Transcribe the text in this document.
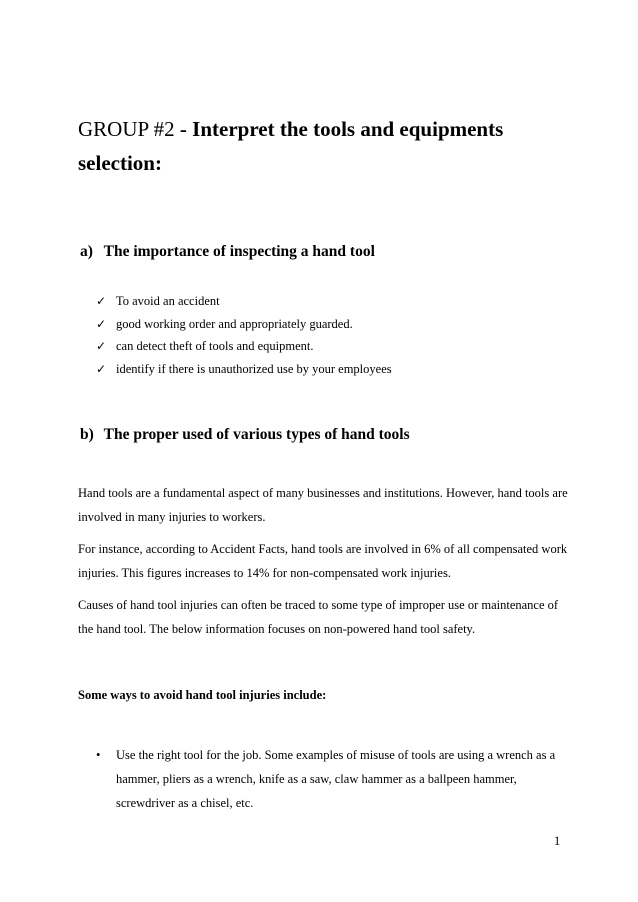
GROUP #2 - Interpret the tools and equipments selection:
a) The importance of inspecting a hand tool
✓ To avoid an accident
✓ good working order and appropriately guarded.
✓ can detect theft of tools and equipment.
✓ identify if there is unauthorized use by your employees
b) The proper used of various types of hand tools

Hand tools are a fundamental aspect of many businesses and institutions. However, hand tools are involved in many injuries to workers.

For instance, according to Accident Facts, hand tools are involved in 6% of all compensated work injuries. This figures increases to 14% for non-compensated work injuries.

Causes of hand tool injuries can often be traced to some type of improper use or maintenance of the hand tool. The below information focuses on non-powered hand tool safety.

Some ways to avoid hand tool injuries include:
•	Use the right tool for the job. Some examples of misuse of tools are using a wrench as a hammer, pliers as a wrench, knife as a saw, claw hammer as a ballpeen hammer, screwdriver as a chisel, etc.
1
